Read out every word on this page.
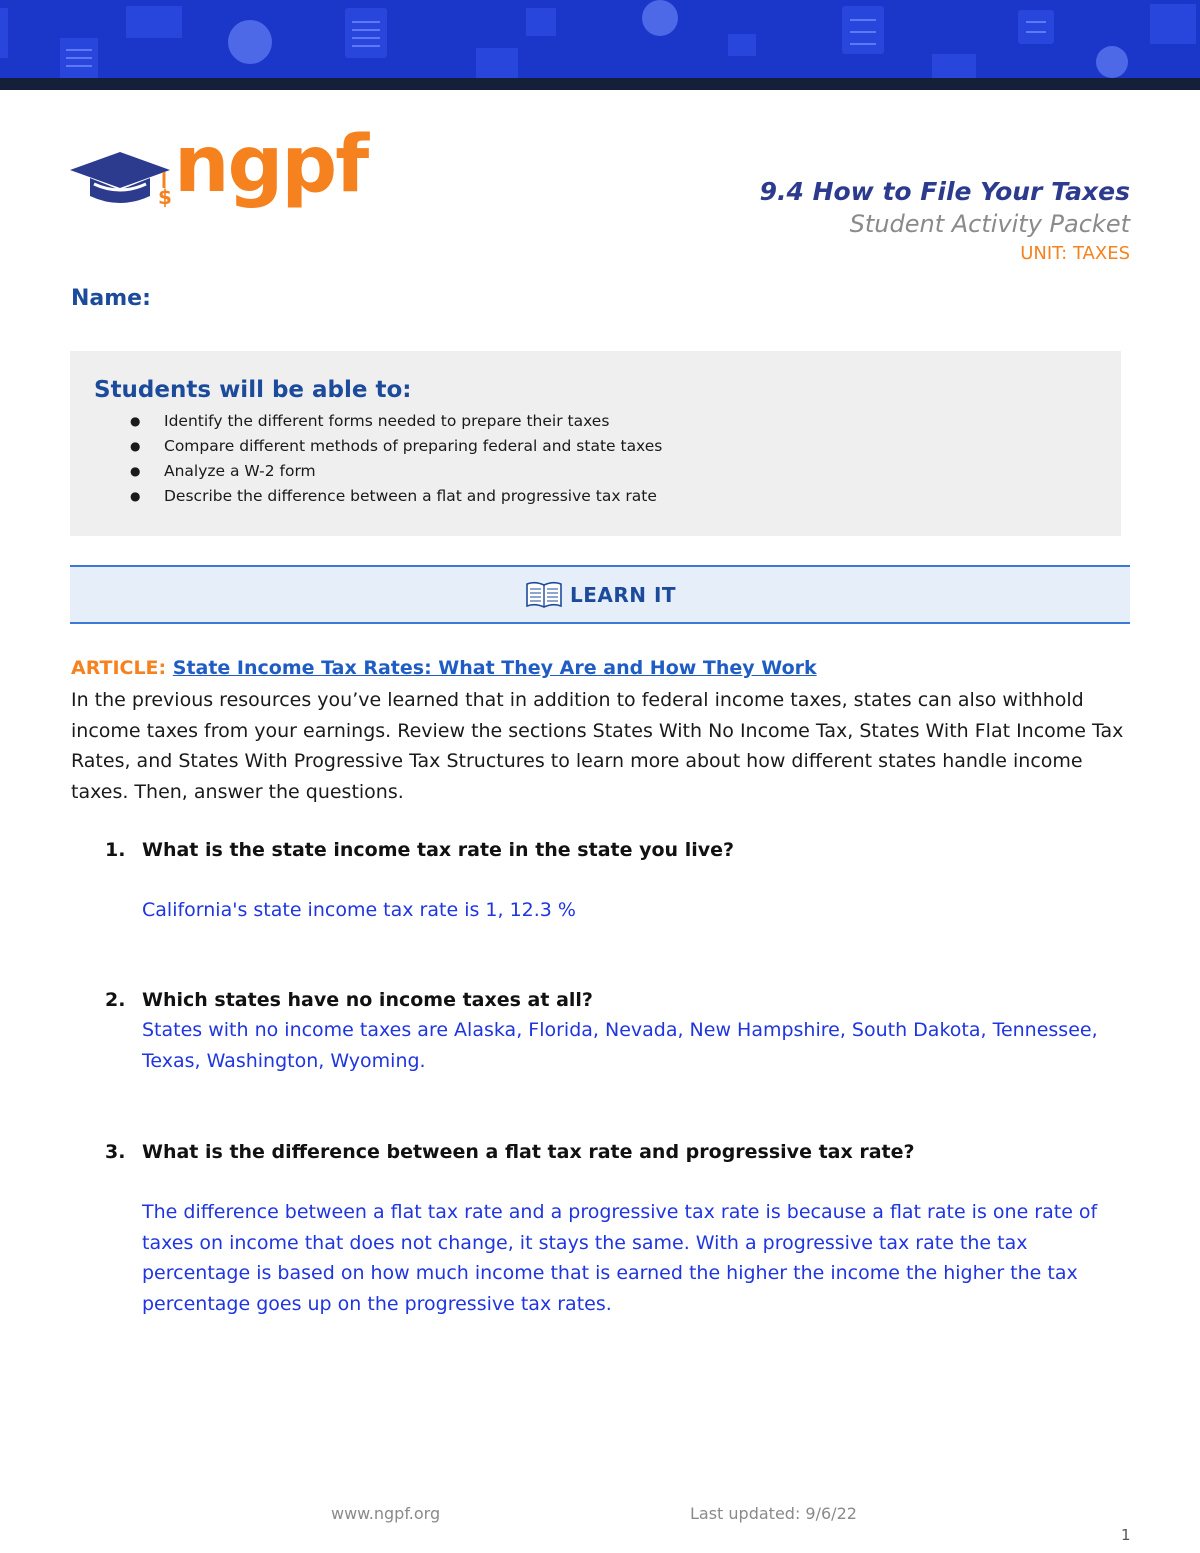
$ ngpf	9.4 How to File Your Taxes
Student Activity Packet
UNIT: TAXES
Name:
Students will be able to:
● Identify the different forms needed to prepare their taxes
● Compare different methods of preparing federal and state taxes
● Analyze a W-2 form
● Describe the difference between a flat and progressive tax rate
LEARN IT
ARTICLE: State Income Tax Rates: What They Are and How They Work
In the previous resources you’ve learned that in addition to federal income taxes, states can also withhold income taxes from your earnings. Review the sections States With No Income Tax, States With Flat Income Tax Rates, and States With Progressive Tax Structures to learn more about how different states handle income taxes. Then, answer the questions.
1. What is the state income tax rate in the state you live?
California's state income tax rate is 1, 12.3 %
2. Which states have no income taxes at all?
States with no income taxes are Alaska, Florida, Nevada, New Hampshire, South Dakota, Tennessee, Texas, Washington, Wyoming.
3. What is the difference between a flat tax rate and progressive tax rate?
The difference between a flat tax rate and a progressive tax rate is because a flat rate is one rate of taxes on income that does not change, it stays the same. With a progressive tax rate the tax percentage is based on how much income that is earned the higher the income the higher the tax percentage goes up on the progressive tax rates.
www.ngpf.org	Last updated: 9/6/22
1
